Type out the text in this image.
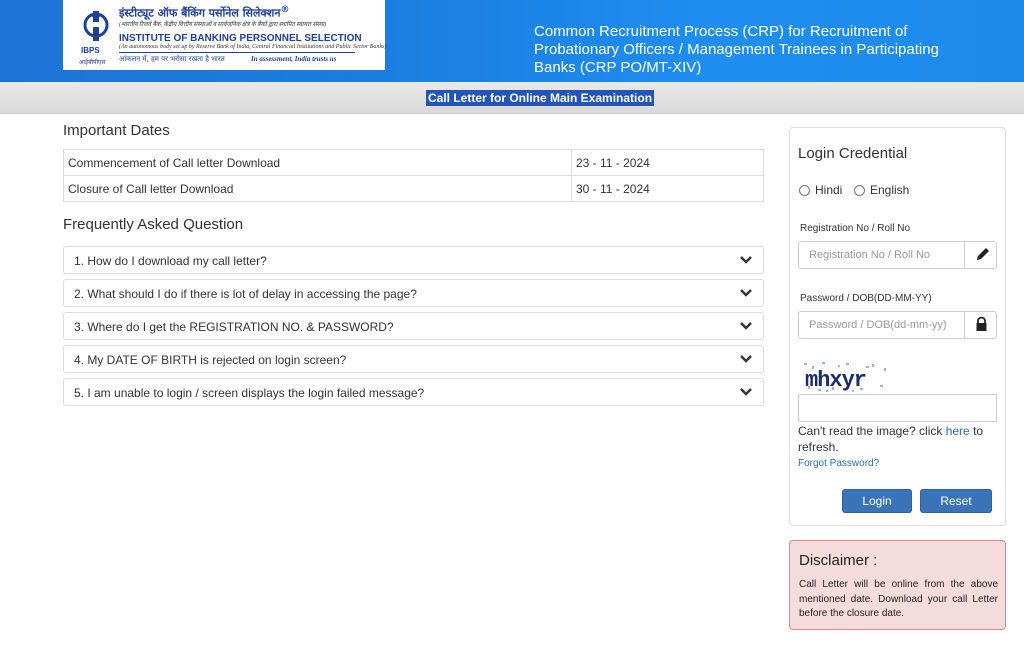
IBPS
आईबीपीएस
इंस्टीट्यूट ऑफ बैंकिंग पर्सोनेल सिलेक्शन®
(भारतीय रिजर्व बैंक, केंद्रीय वित्तीय संस्थाओं व सार्वजनिक क्षेत्र के बैंकों द्वारा स्थापित स्वायत्त संस्था)
INSTITUTE OF BANKING PERSONNEL SELECTION
(An autonomous body set up by Reserve Bank of India, Central Financial Institutions and Public Sector Banks)
आंकलन में, हम पर भरोसा रखता है भारत	In assessment, India trusts us
Common Recruitment Process (CRP) for Recruitment of Probationary Officers / Management Trainees in Participating Banks (CRP PO/MT-XIV)
Call Letter for Online Main Examination
Important Dates
Commencement of Call letter Download	23 - 11 - 2024
Closure of Call letter Download	30 - 11 - 2024
Frequently Asked Question
1. How do I download my call letter?
2. What should I do if there is lot of delay in accessing the page?
3. Where do I get the REGISTRATION NO. & PASSWORD?
4. My DATE OF BIRTH is rejected on login screen?
5. I am unable to login / screen displays the login failed message?
Login Credential
Hindi English
Registration No / Roll No
Registration No / Roll No
Password / DOB(DD-MM-YY)
Password / DOB(dd-mm-yy)
mhxyr
Can't read the image? click here to refresh.
Forgot Password?
Login	Reset
Disclaimer :
Call Letter will be online from the above mentioned date. Download your call Letter before the closure date.
